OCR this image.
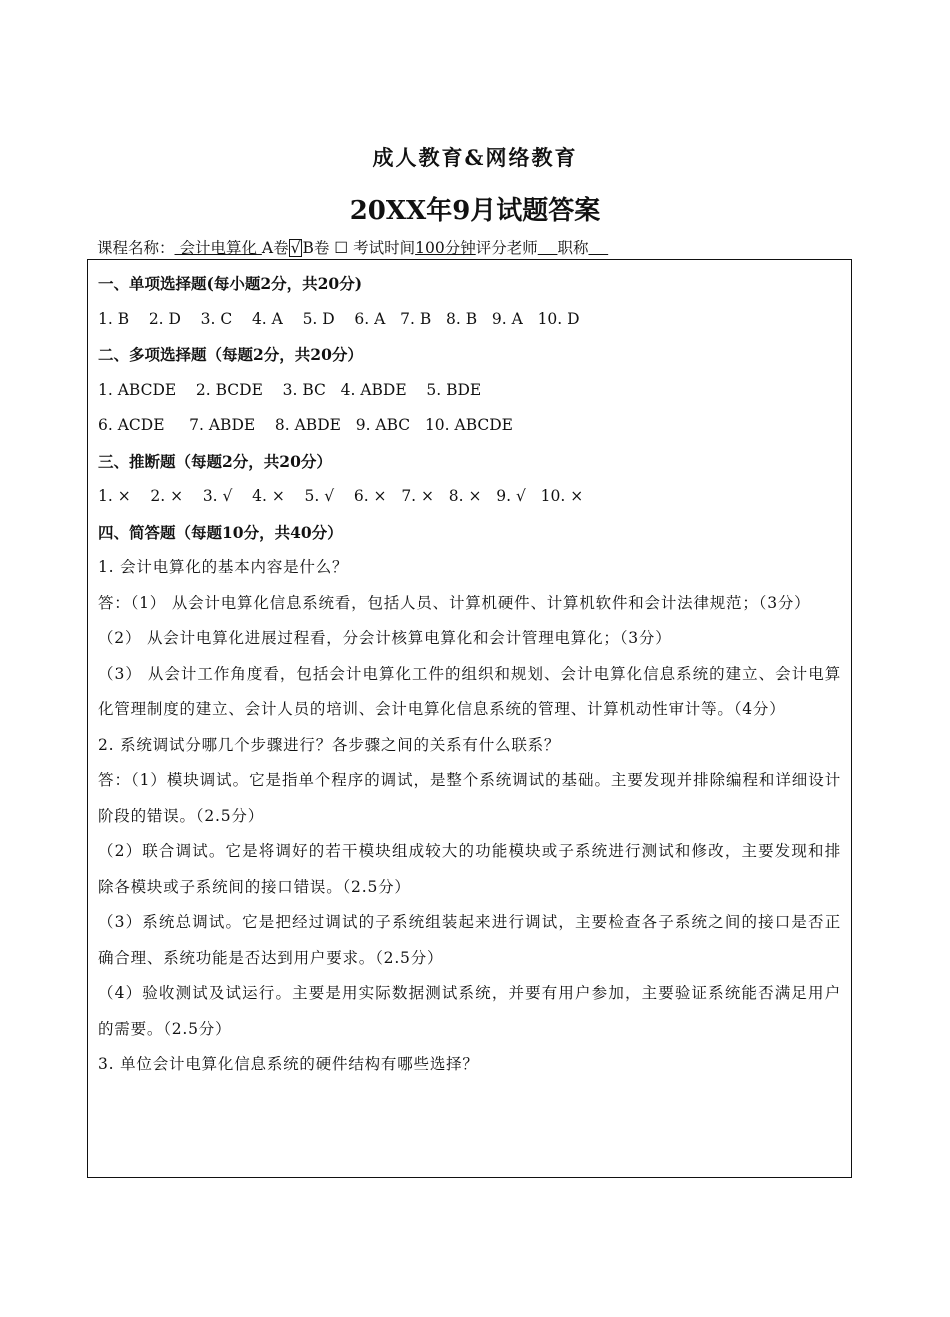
成人教育&网络教育
20XX年9月试题答案
课程名称： 会计电算化 A卷 √ B卷 ☐ 考试时间100分钟评分老师 职称
一、单项选择题(每小题2分，共20分)
1. B    2. D    3. C    4. A    5. D    6. A   7. B   8. B   9. A   10. D
二、多项选择题（每题2分，共20分）
1. ABCDE    2. BCDE    3. BC   4. ABDE    5. BDE
6. ACDE     7. ABDE    8. ABDE   9. ABC   10. ABCDE
三、推断题（每题2分，共20分）
1. ×    2. ×    3. √    4. ×    5. √    6. ×   7. ×   8. ×   9. √   10. ×
四、简答题（每题10分，共40分）
1. 会计电算化的基本内容是什么？
答：（1） 从会计电算化信息系统看，包括人员、计算机硬件、计算机软件和会计法律规范；（3分）
（2） 从会计电算化进展过程看，分会计核算电算化和会计管理电算化；（3分）
（3） 从会计工作角度看，包括会计电算化工件的组织和规划、会计电算化信息系统的建立、会计电算化管理制度的建立、会计人员的培训、会计电算化信息系统的管理、计算机动性审计等。（4分）
2. 系统调试分哪几个步骤进行？各步骤之间的关系有什么联系？
答：（1）模块调试。它是指单个程序的调试，是整个系统调试的基础。主要发现并排除编程和详细设计阶段的错误。（2.5分）
（2）联合调试。它是将调好的若干模块组成较大的功能模块或子系统进行测试和修改，主要发现和排除各模块或子系统间的接口错误。（2.5分）
（3）系统总调试。它是把经过调试的子系统组装起来进行调试，主要检查各子系统之间的接口是否正确合理、系统功能是否达到用户要求。（2.5分）
（4）验收测试及试运行。主要是用实际数据测试系统，并要有用户参加，主要验证系统能否满足用户的需要。（2.5分）
3. 单位会计电算化信息系统的硬件结构有哪些选择？
